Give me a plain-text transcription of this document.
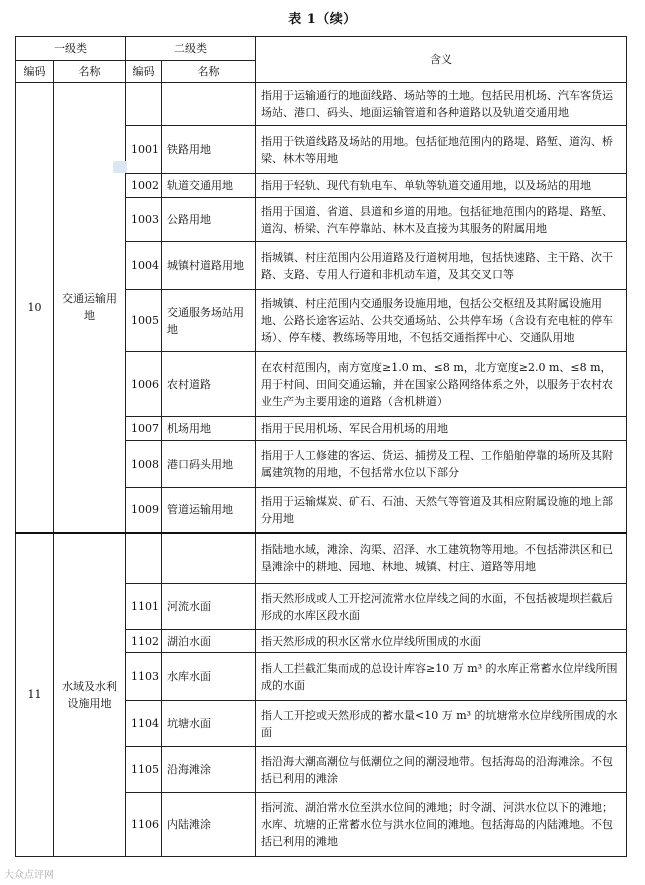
表 1（续）
一级类		二级类		含义
编码	名称	编码	名称	
10	交通运输用地			指用于运输通行的地面线路、场站等的土地。包括民用机场、汽车客货运场站、港口、码头、地面运输管道和各种道路以及轨道交通用地
		1001	铁路用地	指用于铁道线路及场站的用地。包括征地范围内的路堤、路堑、道沟、桥梁、林木等用地
		1002	轨道交通用地	指用于轻轨、现代有轨电车、单轨等轨道交通用地，以及场站的用地
		1003	公路用地	指用于国道、省道、县道和乡道的用地。包括征地范围内的路堤、路堑、道沟、桥梁、汽车停靠站、林木及直接为其服务的附属用地
		1004	城镇村道路用地	指城镇、村庄范围内公用道路及行道树用地，包括快速路、主干路、次干路、支路、专用人行道和非机动车道，及其交叉口等
		1005	交通服务场站用地	指城镇、村庄范围内交通服务设施用地，包括公交枢纽及其附属设施用地、公路长途客运站、公共交通场站、公共停车场（含设有充电桩的停车场）、停车楼、教练场等用地，不包括交通指挥中心、交通队用地
		1006	农村道路	在农村范围内，南方宽度≥1.0 m、≤8 m，北方宽度≥2.0 m、≤8 m，用于村间、田间交通运输，并在国家公路网络体系之外，以服务于农村农业生产为主要用途的道路（含机耕道）
		1007	机场用地	指用于民用机场、军民合用机场的用地
		1008	港口码头用地	指用于人工修建的客运、货运、捕捞及工程、工作船舶停靠的场所及其附属建筑物的用地，不包括常水位以下部分
		1009	管道运输用地	指用于运输煤炭、矿石、石油、天然气等管道及其相应附属设施的地上部分用地
11	水域及水利设施用地			指陆地水域，滩涂、沟渠、沼泽、水工建筑物等用地。不包括滞洪区和已垦滩涂中的耕地、园地、林地、城镇、村庄、道路等用地
		1101	河流水面	指天然形成或人工开挖河流常水位岸线之间的水面，不包括被堤坝拦截后形成的水库区段水面
		1102	湖泊水面	指天然形成的积水区常水位岸线所围成的水面
		1103	水库水面	指人工拦截汇集而成的总设计库容≥10 万 m³ 的水库正常蓄水位岸线所围成的水面
		1104	坑塘水面	指人工开挖或天然形成的蓄水量<10 万 m³ 的坑塘常水位岸线所围成的水面
		1105	沿海滩涂	指沿海大潮高潮位与低潮位之间的潮浸地带。包括海岛的沿海滩涂。不包括已利用的滩涂
		1106	内陆滩涂	指河流、湖泊常水位至洪水位间的滩地；时令湖、河洪水位以下的滩地；水库、坑塘的正常蓄水位与洪水位间的滩地。包括海岛的内陆滩地。不包括已利用的滩地
大众点评网
